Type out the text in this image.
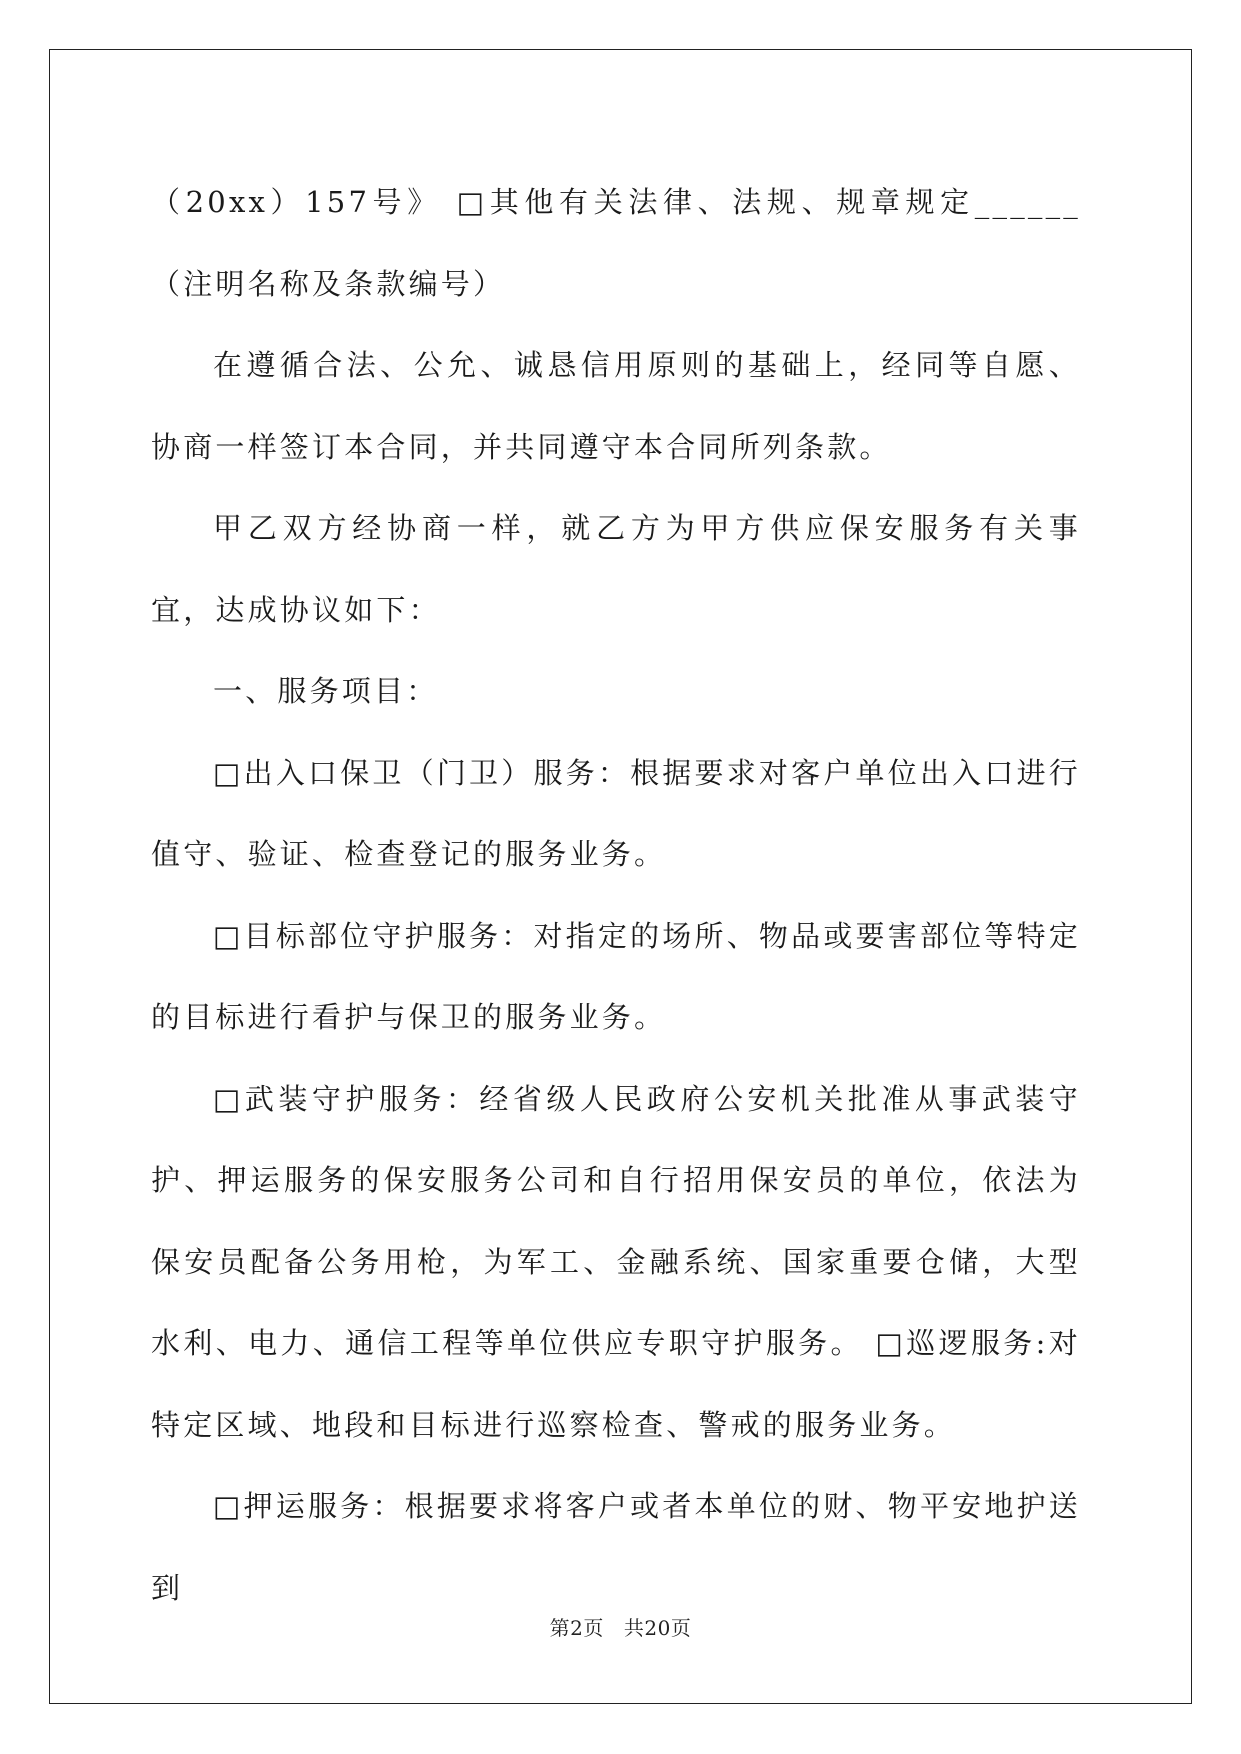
（20xx）157号》 □其他有关法律、法规、规章规定______（注明名称及条款编号）

在遵循合法、公允、诚恳信用原则的基础上，经同等自愿、协商一样签订本合同，并共同遵守本合同所列条款。

甲乙双方经协商一样，就乙方为甲方供应保安服务有关事宜，达成协议如下：

一、服务项目：

□出入口保卫（门卫）服务：根据要求对客户单位出入口进行值守、验证、检查登记的服务业务。

□目标部位守护服务：对指定的场所、物品或要害部位等特定的目标进行看护与保卫的服务业务。

□武装守护服务：经省级人民政府公安机关批准从事武装守护、押运服务的保安服务公司和自行招用保安员的单位，依法为保安员配备公务用枪，为军工、金融系统、国家重要仓储，大型水利、电力、通信工程等单位供应专职守护服务。 □巡逻服务:对特定区域、地段和目标进行巡察检查、警戒的服务业务。

□押运服务：根据要求将客户或者本单位的财、物平安地护送到

第2页 共20页
